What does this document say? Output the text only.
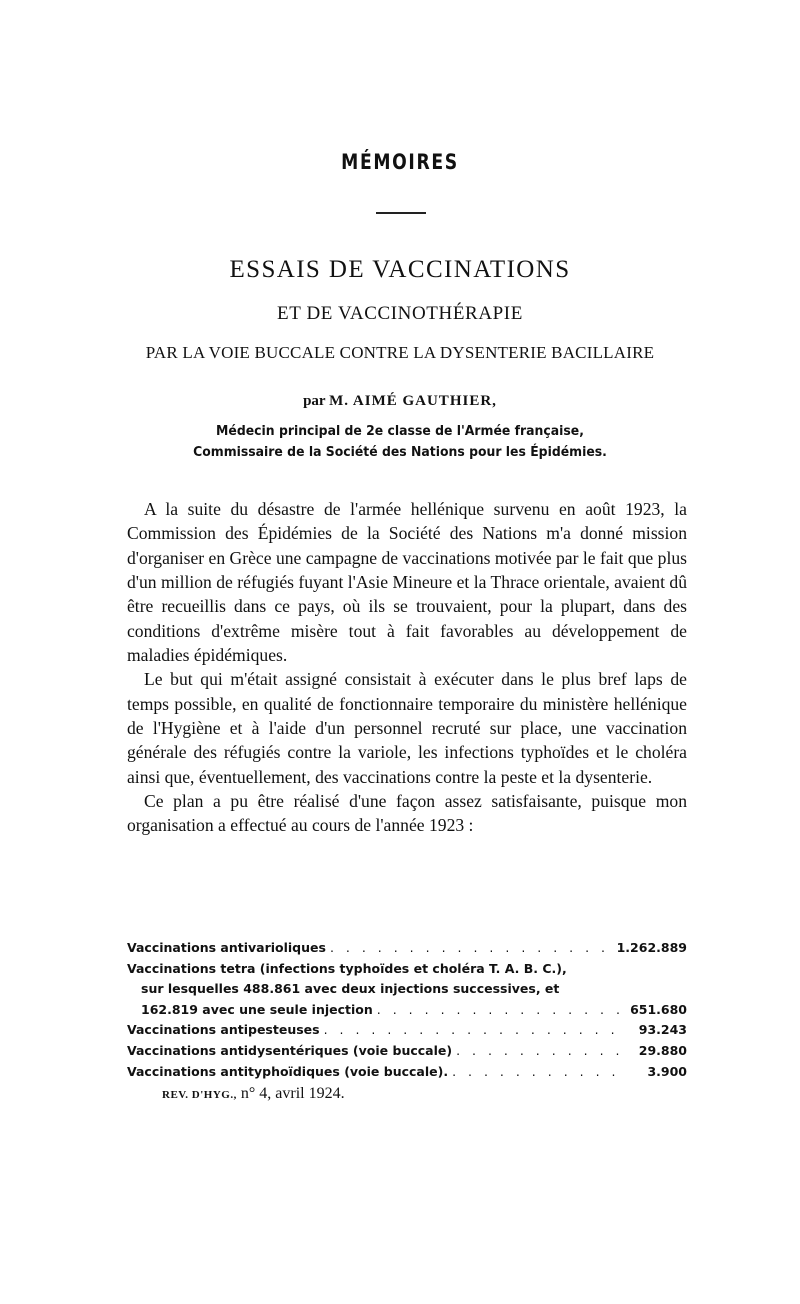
MÉMOIRES
ESSAIS DE VACCINATIONS
ET DE VACCINOTHÉRAPIE
PAR LA VOIE BUCCALE CONTRE LA DYSENTERIE BACILLAIRE
par M. AIMÉ GAUTHIER,
Médecin principal de 2e classe de l'Armée française,
Commissaire de la Société des Nations pour les Épidémies.

A la suite du désastre de l'armée hellénique survenu en août 1923, la Commission des Épidémies de la Société des Nations m'a donné mission d'organiser en Grèce une campagne de vaccinations motivée par le fait que plus d'un million de réfugiés fuyant l'Asie Mineure et la Thrace orientale, avaient dû être recueillis dans ce pays, où ils se trouvaient, pour la plupart, dans des conditions d'extrême misère tout à fait favorables au développement de maladies épidémiques.

Le but qui m'était assigné consistait à exécuter dans le plus bref laps de temps possible, en qualité de fonctionnaire temporaire du ministère hellénique de l'Hygiène et à l'aide d'un personnel recruté sur place, une vaccination générale des réfugiés contre la variole, les infections typhoïdes et le choléra ainsi que, éventuellement, des vaccinations contre la peste et la dysenterie.

Ce plan a pu être réalisé d'une façon assez satisfaisante, puisque mon organisation a effectué au cours de l'année 1923 :

Vaccinations antivarioliques . . .	1.262.889
Vaccinations tetra (infections typhoïdes et choléra T. A. B. C.),
sur lesquelles 488.861 avec deux injections successives, et
162.819 avec une seule injection . . .	651.680
Vaccinations antipesteuses . . .	93.243
Vaccinations antidysentériques (voie buccale) . . .	29.880
Vaccinations antityphoïdiques (voie buccale). . . .	3.900
REV. D'HYG., n° 4, avril 1924.
